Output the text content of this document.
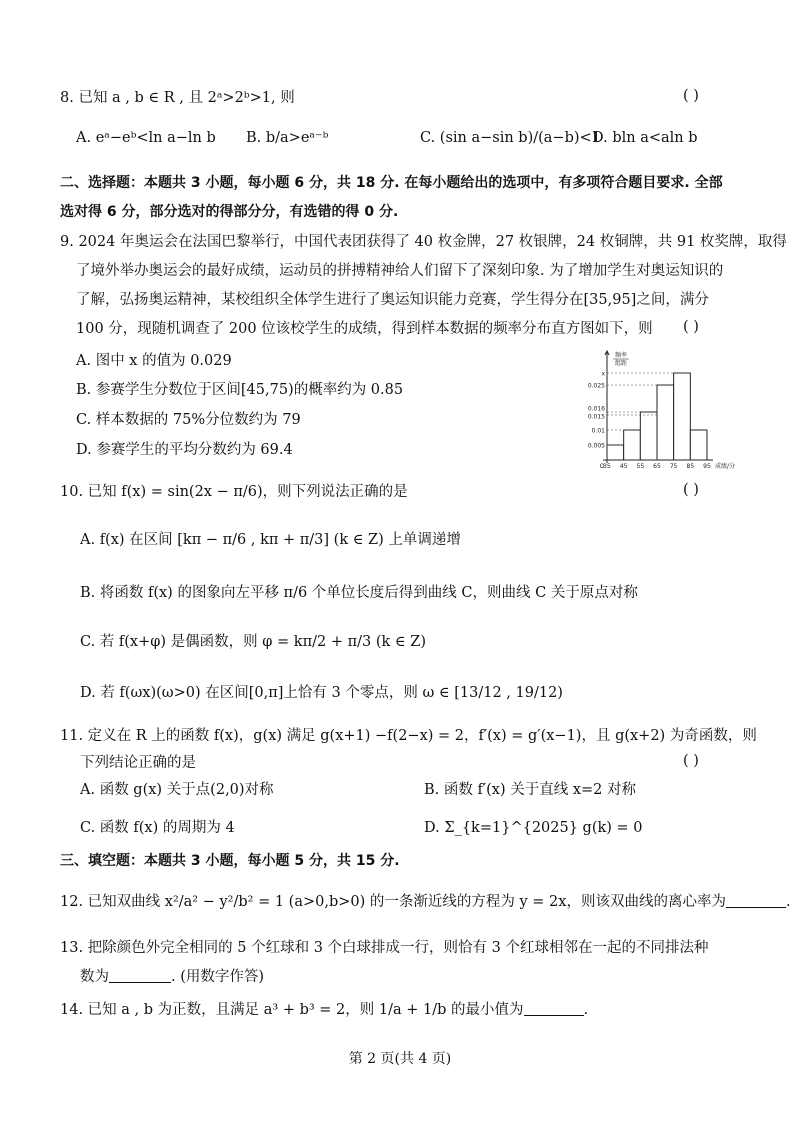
8. 已知 a , b ∈ R , 且 2ᵃ>2ᵇ>1, 则	( )
A. eᵃ−eᵇ<ln a−ln b B. b/a>eᵃ⁻ᵇ	C. (sin a−sin b)/(a−b)<1
D. bln a<aln b
二、选择题：本题共 3 小题，每小题 6 分，共 18 分. 在每小题给出的选项中，有多项符合题目要求. 全部
选对得 6 分，部分选对的得部分分，有选错的得 0 分.
9. 2024 年奥运会在法国巴黎举行，中国代表团获得了 40 枚金牌，27 枚银牌，24 枚铜牌，共 91 枚奖牌，取得
了境外举办奥运会的最好成绩，运动员的拼搏精神给人们留下了深刻印象. 为了增加学生对奥运知识的
了解，弘扬奥运精神，某校组织全体学生进行了奥运知识能力竞赛，学生得分在[35,95]之间，满分
100 分，现随机调查了 200 位该校学生的成绩，得到样本数据的频率分布直方图如下，则 ( )
A. 图中 x 的值为 0.029
B. 参赛学生分数位于区间[45,75)的概率约为 0.85
C. 样本数据的 75%分位数约为 79
D. 参赛学生的平均分数约为 69.4
x
0.025
0.016
0.015
0.01
0.005
35 45 55 65 75 85 95
O	成绩/分
频率
组距
10. 已知 f(x) = sin(2x − π/6)，则下列说法正确的是	( )
A. f(x) 在区间 [kπ − π/6 , kπ + π/3] (k ∈ Z) 上单调递增
B. 将函数 f(x) 的图象向左平移 π/6 个单位长度后得到曲线 C，则曲线 C 关于原点对称
C. 若 f(x+φ) 是偶函数，则 φ = kπ/2 + π/3 (k ∈ Z)
D. 若 f(ωx)(ω>0) 在区间[0,π]上恰有 3 个零点，则 ω ∈ [13/12 , 19/12)
11. 定义在 R 上的函数 f(x)，g(x) 满足 g(x+1) −f(2−x) = 2，f′(x) = g′(x−1)，且 g(x+2) 为奇函数，则
下列结论正确的是	( )
A. 函数 g(x) 关于点(2,0)对称	B. 函数 f′(x) 关于直线 x=2 对称
C. 函数 f(x) 的周期为 4	D. Σ_{k=1}^{2025} g(k) = 0
三、填空题：本题共 3 小题，每小题 5 分，共 15 分.
12. 已知双曲线 x²/a² − y²/b² = 1 (a>0,b>0) 的一条渐近线的方程为 y = 2x，则该双曲线的离心率为	.
13. 把除颜色外完全相同的 5 个红球和 3 个白球排成一行，则恰有 3 个红球相邻在一起的不同排法种
数为	. (用数字作答)
14. 已知 a , b 为正数，且满足 a³ + b³ = 2，则 1/a + 1/b 的最小值为	.
第 2 页(共 4 页)
